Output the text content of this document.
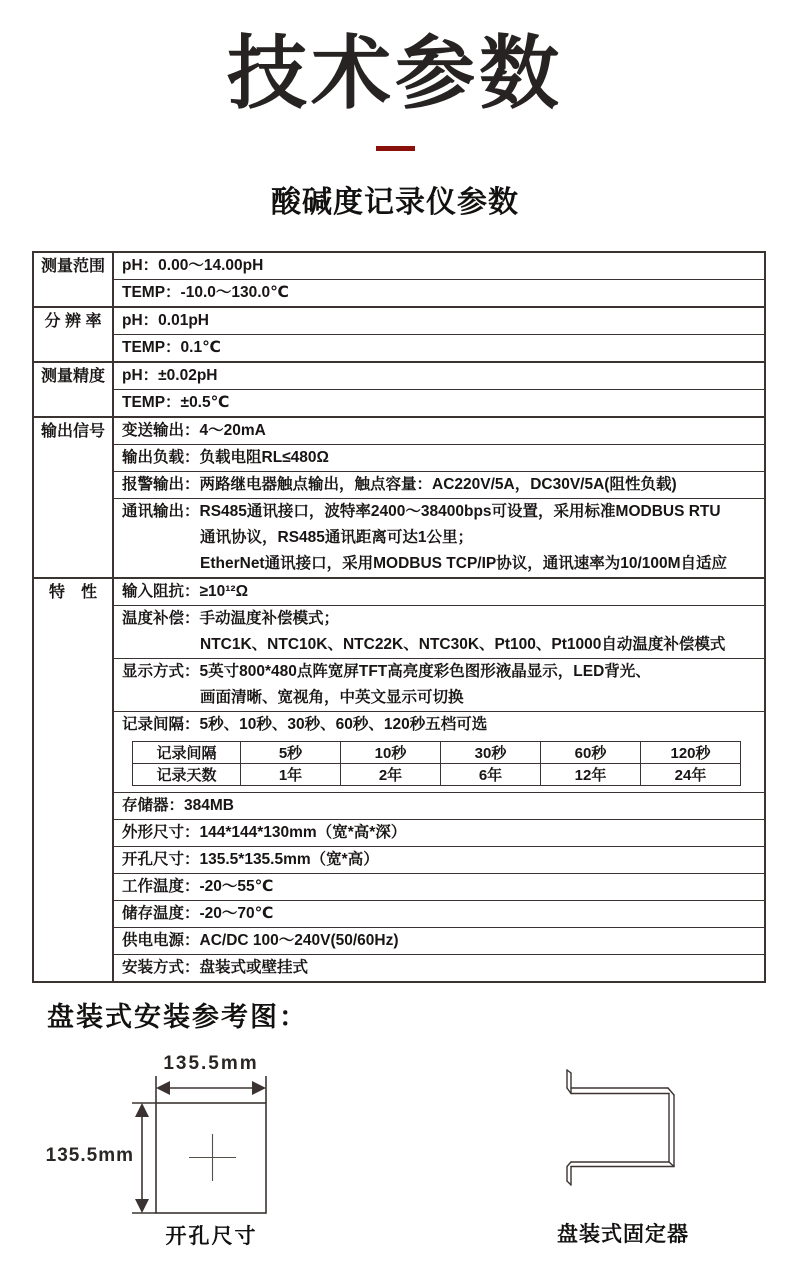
技术参数
酸碱度记录仪参数
测量范围	pH：0.00～14.00pH
TEMP：-10.0～130.0℃
分 辨 率	pH：0.01pH
TEMP：0.1℃
测量精度	pH：±0.02pH
TEMP：±0.5℃
输出信号	变送输出：4～20mA
输出负载：负载电阻RL≤480Ω
报警输出：两路继电器触点输出，触点容量：AC220V/5A，DC30V/5A(阻性负载)
通讯输出：RS485通讯接口，波特率2400～38400bps可设置，采用标准MODBUS RTU
通讯协议，RS485通讯距离可达1公里；
EtherNet通讯接口，采用MODBUS TCP/IP协议，通讯速率为10/100M自适应
特　性	输入阻抗：≥10¹²Ω
温度补偿：手动温度补偿模式；
NTC1K、NTC10K、NTC22K、NTC30K、Pt100、Pt1000自动温度补偿模式
显示方式：5英寸800*480点阵宽屏TFT高亮度彩色图形液晶显示，LED背光、
画面清晰、宽视角，中英文显示可切换
记录间隔：5秒、10秒、30秒、60秒、120秒五档可选
记录间隔	5秒	10秒	30秒	60秒	120秒
记录天数	1年	2年	6年	12年	24年
存储器：384MB
外形尺寸：144*144*130mm（宽*高*深）
开孔尺寸：135.5*135.5mm（宽*高）
工作温度：-20～55℃
储存温度：-20～70℃
供电电源：AC/DC 100～240V(50/60Hz)
安装方式：盘装式或壁挂式
盘装式安装参考图：
135.5mm
135.5mm
开孔尺寸	盘装式固定器
